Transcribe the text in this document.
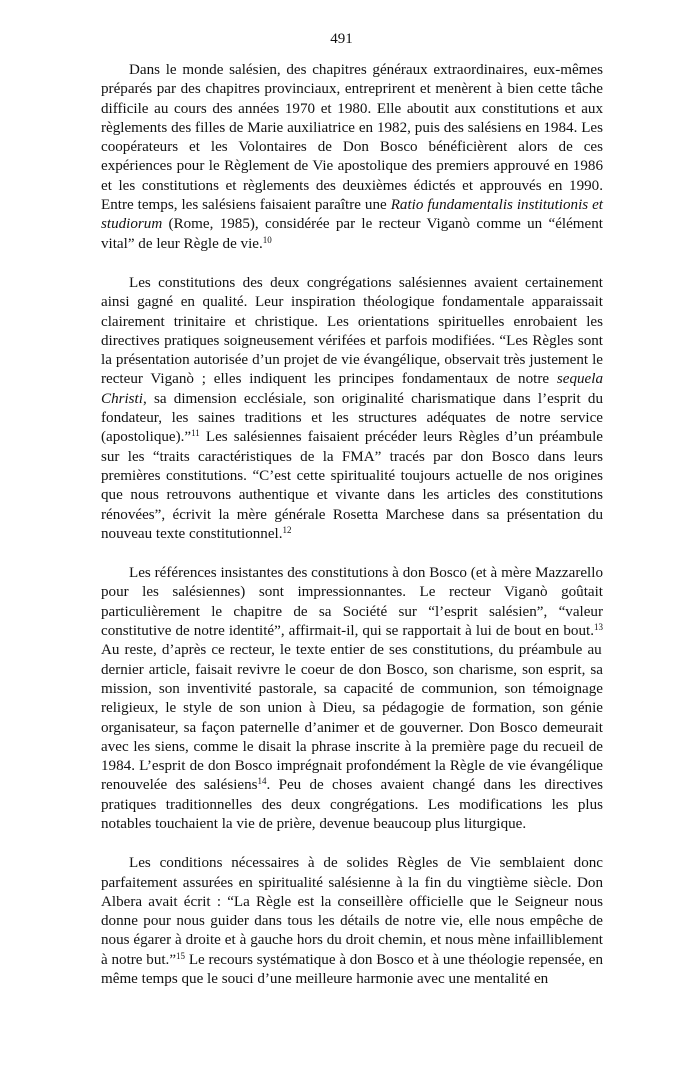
491

Dans le monde salésien, des chapitres généraux extraordinaires, eux-mêmes préparés par des chapitres provinciaux, entreprirent et menèrent à bien cette tâche difficile au cours des années 1970 et 1980. Elle aboutit aux constitutions et aux règlements des filles de Marie auxiliatrice en 1982, puis des salésiens en 1984. Les coopérateurs et les Volontaires de Don Bosco bénéficièrent alors de ces expériences pour le Règlement de Vie apostolique des premiers approuvé en 1986 et les constitutions et règlements des deuxièmes édictés et approuvés en 1990. Entre temps, les salésiens faisaient paraître une Ratio fundamentalis institutionis et studiorum (Rome, 1985), considérée par le recteur Viganò comme un “élément vital” de leur Règle de vie.$^{10}$

Les constitutions des deux congrégations salésiennes avaient certainement ainsi gagné en qualité. Leur inspiration théologique fondamentale apparaissait clairement trinitaire et christique. Les orientations spirituelles enrobaient les directives pratiques soigneusement vérifées et parfois modifiées. “Les Règles sont la présentation autorisée d’un projet de vie évangélique, observait très justement le recteur Viganò ; elles indiquent les principes fondamentaux de notre sequela Christi, sa dimension ecclésiale, son originalité charismatique dans l’esprit du fondateur, les saines traditions et les structures adéquates de notre service (apostolique).”$^{11}$ Les salésiennes faisaient précéder leurs Règles d’un préambule sur les “traits caractéristiques de la FMA” tracés par don Bosco dans leurs premières constitutions. “C’est cette spiritualité toujours actuelle de nos origines que nous retrouvons authentique et vivante dans les articles des constitutions rénovées”, écrivit la mère générale Rosetta Marchese dans sa présentation du nouveau texte constitutionnel.$^{12}$

Les références insistantes des constitutions à don Bosco (et à mère Mazzarello pour les salésiennes) sont impressionnantes. Le recteur Viganò goûtait particulièrement le chapitre de sa Société sur “l’esprit salésien”, “valeur constitutive de notre identité”, affirmait-il, qui se rapportait à lui de bout en bout.$^{13}$ Au reste, d’après ce recteur, le texte entier de ses constitutions, du préambule au dernier article, faisait revivre le coeur de don Bosco, son charisme, son esprit, sa mission, son inventivité pastorale, sa capacité de communion, son témoignage religieux, le style de son union à Dieu, sa pédagogie de formation, son génie organisateur, sa façon paternelle d’animer et de gouverner. Don Bosco demeurait avec les siens, comme le disait la phrase inscrite à la première page du recueil de 1984. L’esprit de don Bosco imprégnait profondément la Règle de vie évangélique renouvelée des salésiens$^{14}$. Peu de choses avaient changé dans les directives pratiques traditionnelles des deux congrégations. Les modifications les plus notables touchaient la vie de prière, devenue beaucoup plus liturgique.

Les conditions nécessaires à de solides Règles de Vie semblaient donc parfaitement assurées en spiritualité salésienne à la fin du vingtième siècle. Don Albera avait écrit : “La Règle est la conseillère officielle que le Seigneur nous donne pour nous guider dans tous les détails de notre vie, elle nous empêche de nous égarer à droite et à gauche hors du droit chemin, et nous mène infailliblement à notre but.”$^{15}$ Le recours systématique à don Bosco et à une théologie repensée, en même temps que le souci d’une meilleure harmonie avec une mentalité en
